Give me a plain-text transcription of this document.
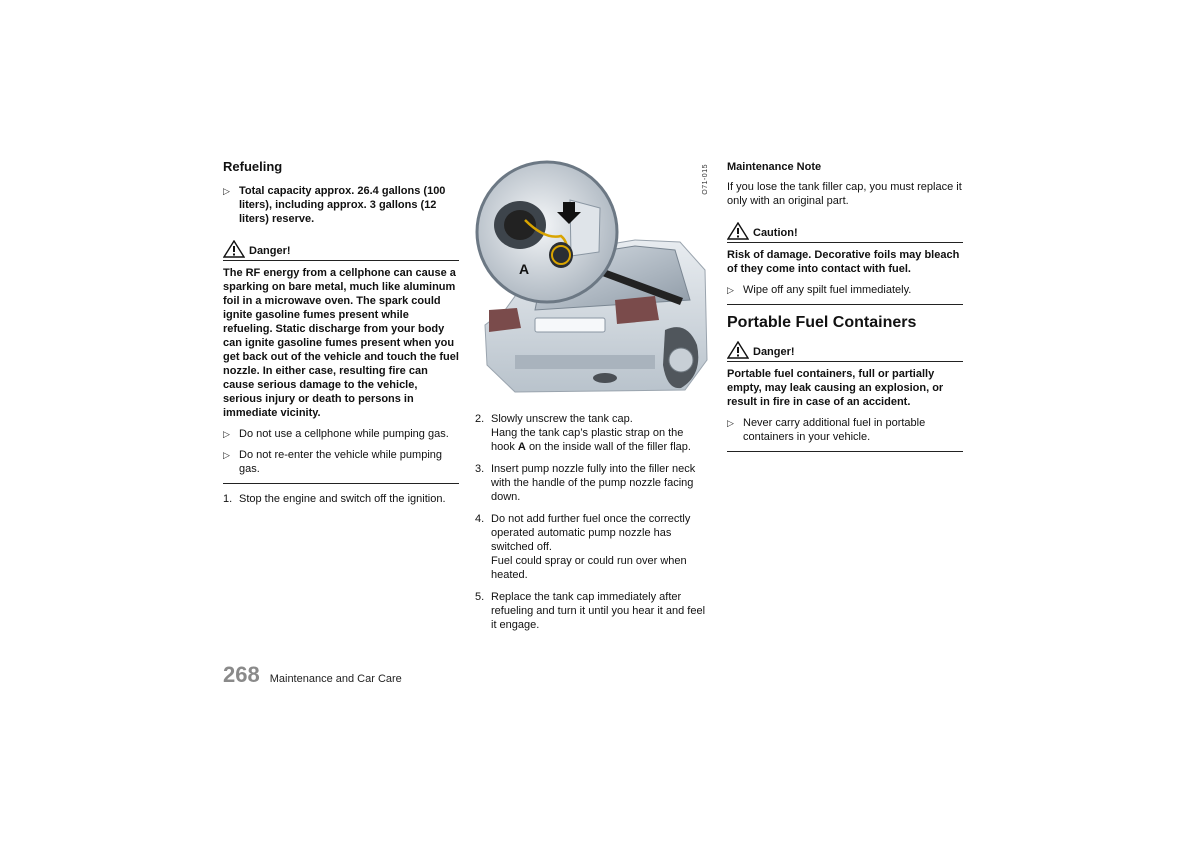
Refueling
▷ Total capacity approx. 26.4 gallons (100 liters), including approx. 3 gallons (12 liters) reserve.
Danger!

The RF energy from a cellphone can cause a sparking on bare metal, much like aluminum foil in a microwave oven. The spark could ignite gasoline fumes present while refueling. Static discharge from your body can ignite gasoline fumes present when you get back out of the vehicle and touch the fuel nozzle. In either case, resulting fire can cause serious damage to the vehicle, serious injury or death to persons in immediate vicinity.

▷ Do not use a cellphone while pumping gas.
▷ Do not re-enter the vehicle while pumping gas.
1. Stop the engine and switch off the ignition.
A
O71-015
2. Slowly unscrew the tank cap.

Hang the tank cap’s plastic strap on the

hook A on the inside wall of the filler flap.

3. Insert pump nozzle fully into the filler neck with the handle of the pump nozzle facing down.
4. Do not add further fuel once the correctly operated automatic pump nozzle has switched off.

Fuel could spray or could run over when heated.

5. Replace the tank cap immediately after refueling and turn it until you hear it and feel it engage.
Maintenance Note

If you lose the tank filler cap, you must replace it only with an original part.

Caution!

Risk of damage. Decorative foils may bleach of they come into contact with fuel.

▷ Wipe off any spilt fuel immediately.
Portable Fuel Containers
Danger!

Portable fuel containers, full or partially empty, may leak causing an explosion, or result in fire in case of an accident.

▷ Never carry additional fuel in portable containers in your vehicle.
268 Maintenance and Car Care
